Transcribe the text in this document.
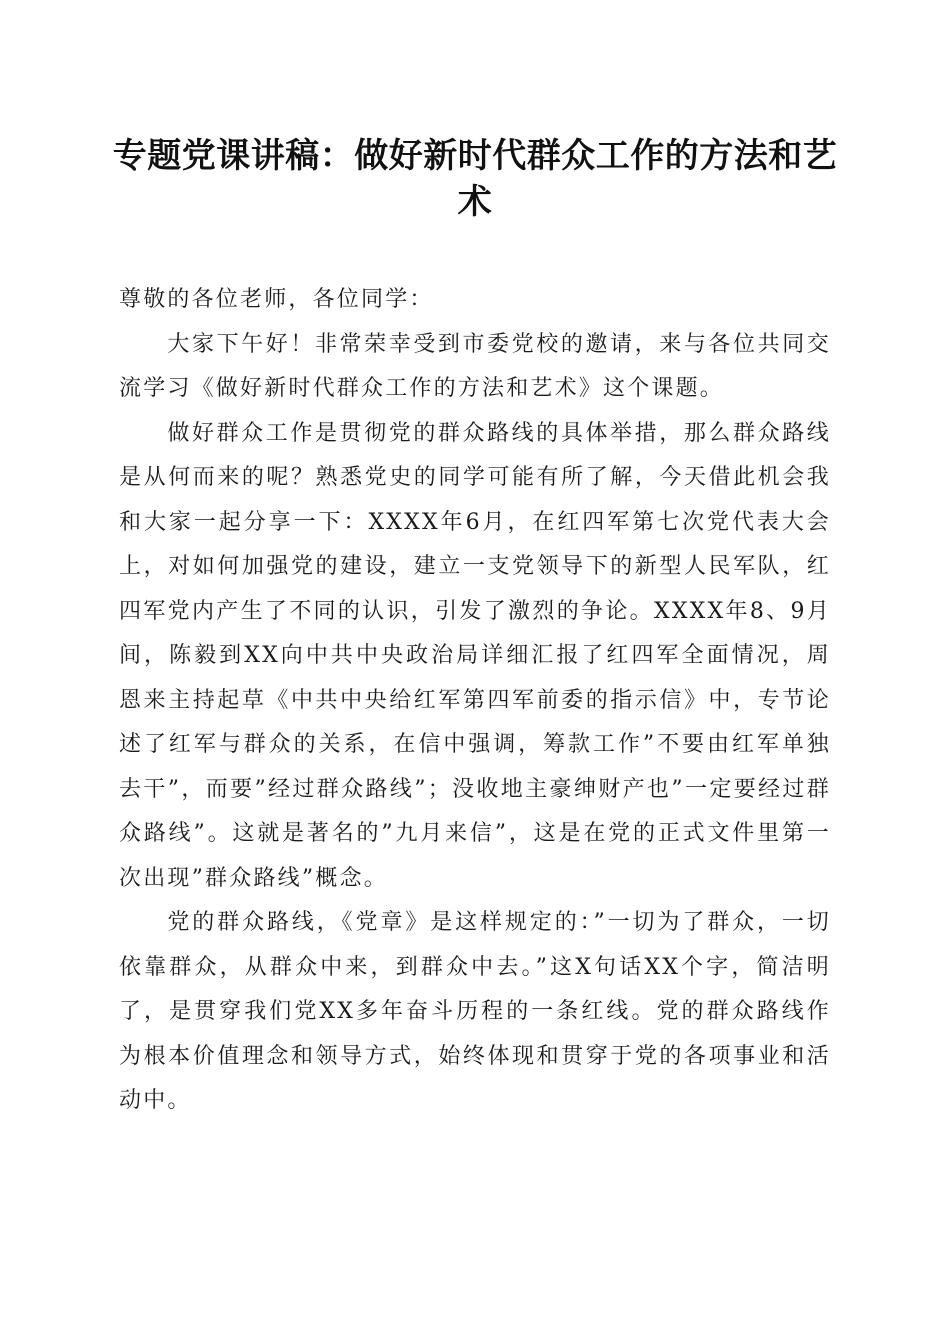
专题党课讲稿：做好新时代群众工作的方法和艺术

尊敬的各位老师，各位同学：

大家下午好！非常荣幸受到市委党校的邀请，来与各位共同交流学习《做好新时代群众工作的方法和艺术》这个课题。

做好群众工作是贯彻党的群众路线的具体举措，那么群众路线是从何而来的呢？熟悉党史的同学可能有所了解，今天借此机会我和大家一起分享一下：XXXX年6月，在红四军第七次党代表大会上，对如何加强党的建设，建立一支党领导下的新型人民军队，红四军党内产生了不同的认识，引发了激烈的争论。XXXX年8、9月间，陈毅到XX向中共中央政治局详细汇报了红四军全面情况，周恩来主持起草《中共中央给红军第四军前委的指示信》中，专节论述了红军与群众的关系，在信中强调，筹款工作”不要由红军单独去干”，而要”经过群众路线”；没收地主豪绅财产也”一定要经过群众路线”。这就是著名的”九月来信”，这是在党的正式文件里第一次出现”群众路线”概念。

党的群众路线，《党章》是这样规定的：”一切为了群众，一切依靠群众，从群众中来，到群众中去。”这X句话XX个字，简洁明了，是贯穿我们党XX多年奋斗历程的一条红线。党的群众路线作为根本价值理念和领导方式，始终体现和贯穿于党的各项事业和活动中。
